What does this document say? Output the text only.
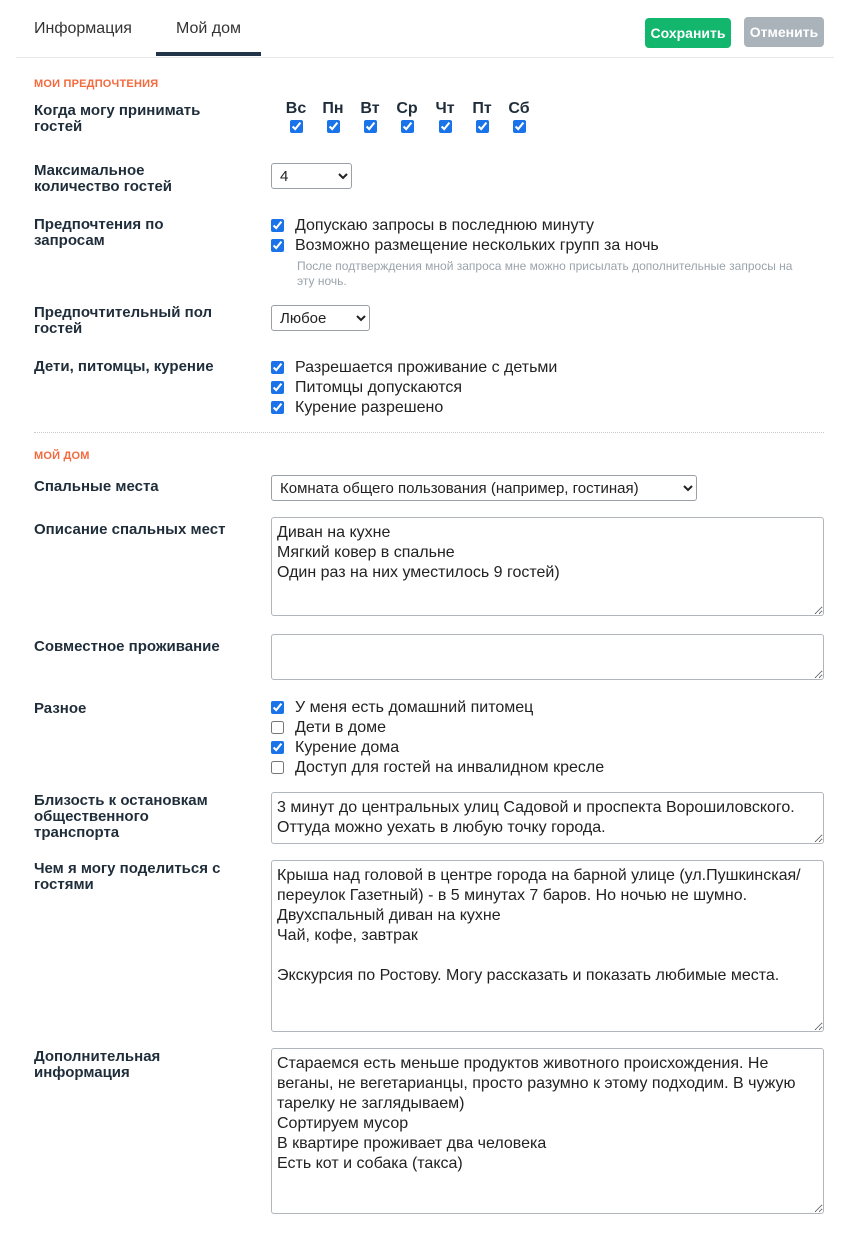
Информация	Мой дом	Сохранить	Отменить
МОИ ПРЕДПОЧТЕНИЯ
Когда могу принимать гостей
Вс Пн	Вт	Ср	Чт	Пт	Сб
Максимальное количество гостей
4
Предпочтения по запросам
Допускаю запросы в последнюю минуту
Возможно размещение нескольких групп за ночь
После подтверждения мной запроса мне можно присылать дополнительные запросы на эту ночь.
Предпочтительный пол гостей
Любое
Дети, питомцы, курение	Разрешается проживание с детьми
Питомцы допускаются
Курение разрешено
МОЙ ДОМ
Спальные места
Комната общего пользования (например, гостиная)
Описание спальных мест
Диван на кухне Мягкий ковер в спальне Один раз на них уместилось 9 гостей)
Совместное проживание
Разное	У меня есть домашний питомец
Дети в доме
Курение дома
Доступ для гостей на инвалидном кресле
Близость к остановкам общественного транспорта
3 минут до центральных улиц Садовой и проспекта Ворошиловского. Оттуда можно уехать в любую точку города.
Чем я могу поделиться с гостями
Крыша над головой в центре города на барной улице (ул.Пушкинская/переулок Газетный) - в 5 минутах 7 баров. Но ночью не шумно. Двухспальный диван на кухне Чай, кофе, завтрак Экскурсия по Ростову. Могу рассказать и показать любимые места.
Дополнительная информация
Стараемся есть меньше продуктов животного происхождения. Не веганы, не вегетарианцы, просто разумно к этому подходим. В чужую тарелку не заглядываем) Сортируем мусор В квартире проживает два человека Есть кот и собака (такса)
